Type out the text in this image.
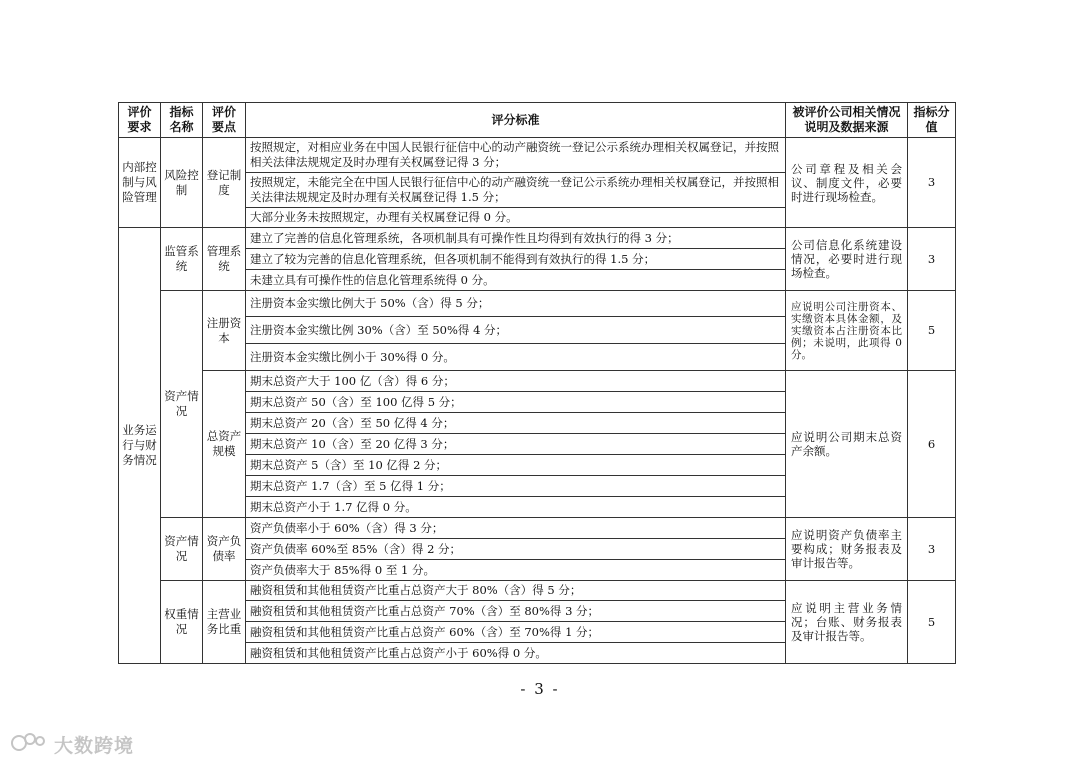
评价要求	指标名称	评价要点	评分标准	被评价公司相关情况说明及数据来源	指标分值
内部控制与风险管理	风险控制	登记制度	按照规定，对相应业务在中国人民银行征信中心的动产融资统一登记公示系统办理相关权属登记，并按照相关法律法规规定及时办理有关权属登记得 3 分；	公司章程及相关会议、制度文件，必要时进行现场检查。	3
			按照规定，未能完全在中国人民银行征信中心的动产融资统一登记公示系统办理相关权属登记，并按照相关法律法规规定及时办理有关权属登记得 1.5 分；		
			大部分业务未按照规定，办理有关权属登记得 0 分。		
业务运行与财务情况	监管系统	管理系统	建立了完善的信息化管理系统，各项机制具有可操作性且均得到有效执行的得 3 分；	公司信息化系统建设情况，必要时进行现场检查。	3
			建立了较为完善的信息化管理系统，但各项机制不能得到有效执行的得 1.5 分；		
			未建立具有可操作性的信息化管理系统得 0 分。		
	资产情况	注册资本	注册资本金实缴比例大于 50%（含）得 5 分；	应说明公司注册资本、实缴资本具体金额，及实缴资本占注册资本比例；未说明，此项得 0 分。	5
			注册资本金实缴比例 30%（含）至 50%得 4 分；		
			注册资本金实缴比例小于 30%得 0 分。		
		总资产规模	期末总资产大于 100 亿（含）得 6 分；	应说明公司期末总资产余额。	6
			期末总资产 50（含）至 100 亿得 5 分；		
			期末总资产 20（含）至 50 亿得 4 分；		
			期末总资产 10（含）至 20 亿得 3 分；		
			期末总资产 5（含）至 10 亿得 2 分；		
			期末总资产 1.7（含）至 5 亿得 1 分；		
			期末总资产小于 1.7 亿得 0 分。		
	资产情况	资产负债率	资产负债率小于 60%（含）得 3 分；	应说明资产负债率主要构成；财务报表及审计报告等。	3
			资产负债率 60%至 85%（含）得 2 分；		
			资产负债率大于 85%得 0 至 1 分。		
	权重情况	主营业务比重	融资租赁和其他租赁资产比重占总资产大于 80%（含）得 5 分；	应说明主营业务情况；台账、财务报表及审计报告等。	5
			融资租赁和其他租赁资产比重占总资产 70%（含）至 80%得 3 分；		
			融资租赁和其他租赁资产比重占总资产 60%（含）至 70%得 1 分；		
			融资租赁和其他租赁资产比重占总资产小于 60%得 0 分。		
- 3 -
大数跨境
